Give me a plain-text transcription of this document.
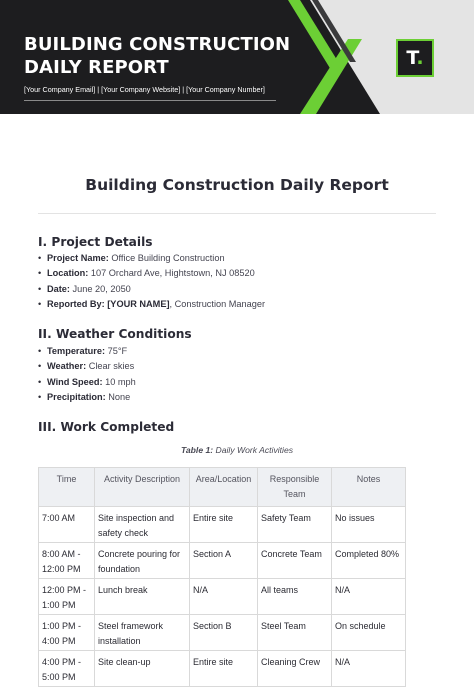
BUILDING CONSTRUCTION
DAILY REPORT
[Your Company Email] | [Your Company Website] | [Your Company Number]
T.
Building Construction Daily Report
I. Project Details
• Project Name: Office Building Construction
• Location: 107 Orchard Ave, Hightstown, NJ 08520
• Date: June 20, 2050
• Reported By: [YOUR NAME], Construction Manager
II. Weather Conditions
• Temperature: 75°F
• Weather: Clear skies
• Wind Speed: 10 mph
• Precipitation: None
III. Work Completed
Table 1: Daily Work Activities
Time	Activity Description	Area/Location	Responsible Team	Notes
7:00 AM	Site inspection and safety check	Entire site	Safety Team	No issues
8:00 AM - 12:00 PM	Concrete pouring for foundation	Section A	Concrete Team	Completed 80%
12:00 PM - 1:00 PM	Lunch break	N/A	All teams	N/A
1:00 PM - 4:00 PM	Steel framework installation	Section B	Steel Team	On schedule
4:00 PM - 5:00 PM	Site clean-up	Entire site	Cleaning Crew	N/A
